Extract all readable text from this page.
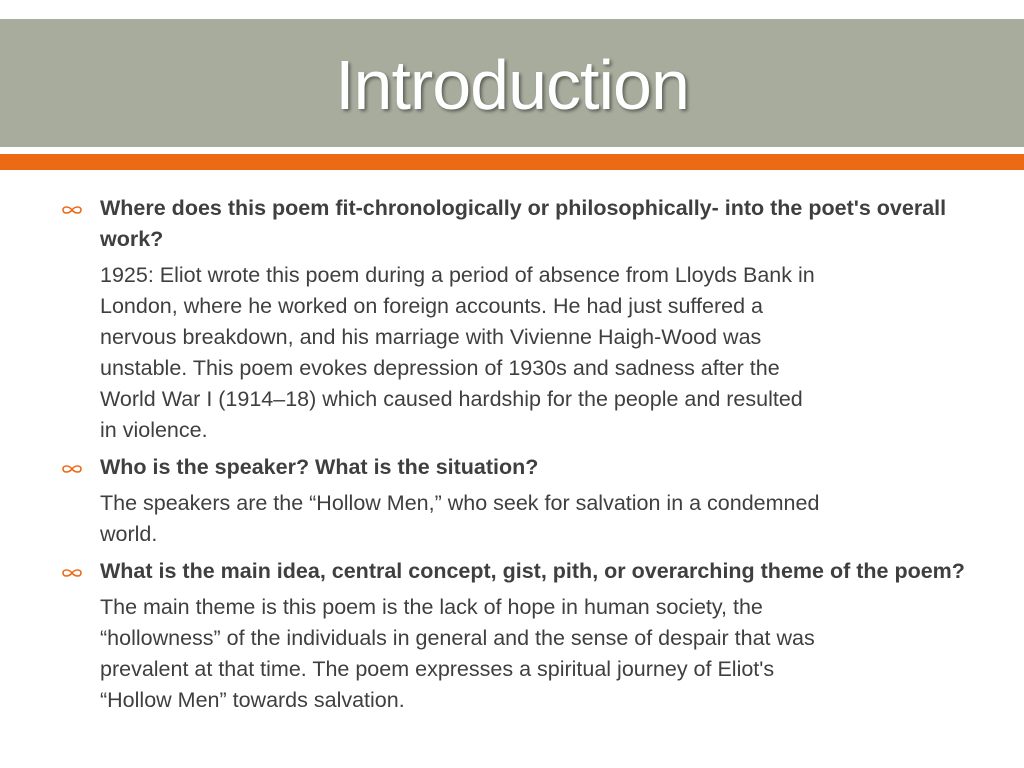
Introduction
Where does this poem fit-chronologically or philosophically- into the poet's overall work?
1925: Eliot wrote this poem during a period of absence from Lloyds Bank in
London, where he worked on foreign accounts. He had just suffered a
nervous breakdown, and his marriage with Vivienne Haigh-Wood was
unstable. This poem evokes depression of 1930s and sadness after the
World War I (1914–18) which caused hardship for the people and resulted
in violence.
Who is the speaker? What is the situation?
The speakers are the “Hollow Men,” who seek for salvation in a condemned
world.
What is the main idea, central concept, gist, pith, or overarching theme of the poem?
The main theme is this poem is the lack of hope in human society, the
“hollowness” of the individuals in general and the sense of despair that was
prevalent at that time. The poem expresses a spiritual journey of Eliot's
“Hollow Men” towards salvation.
